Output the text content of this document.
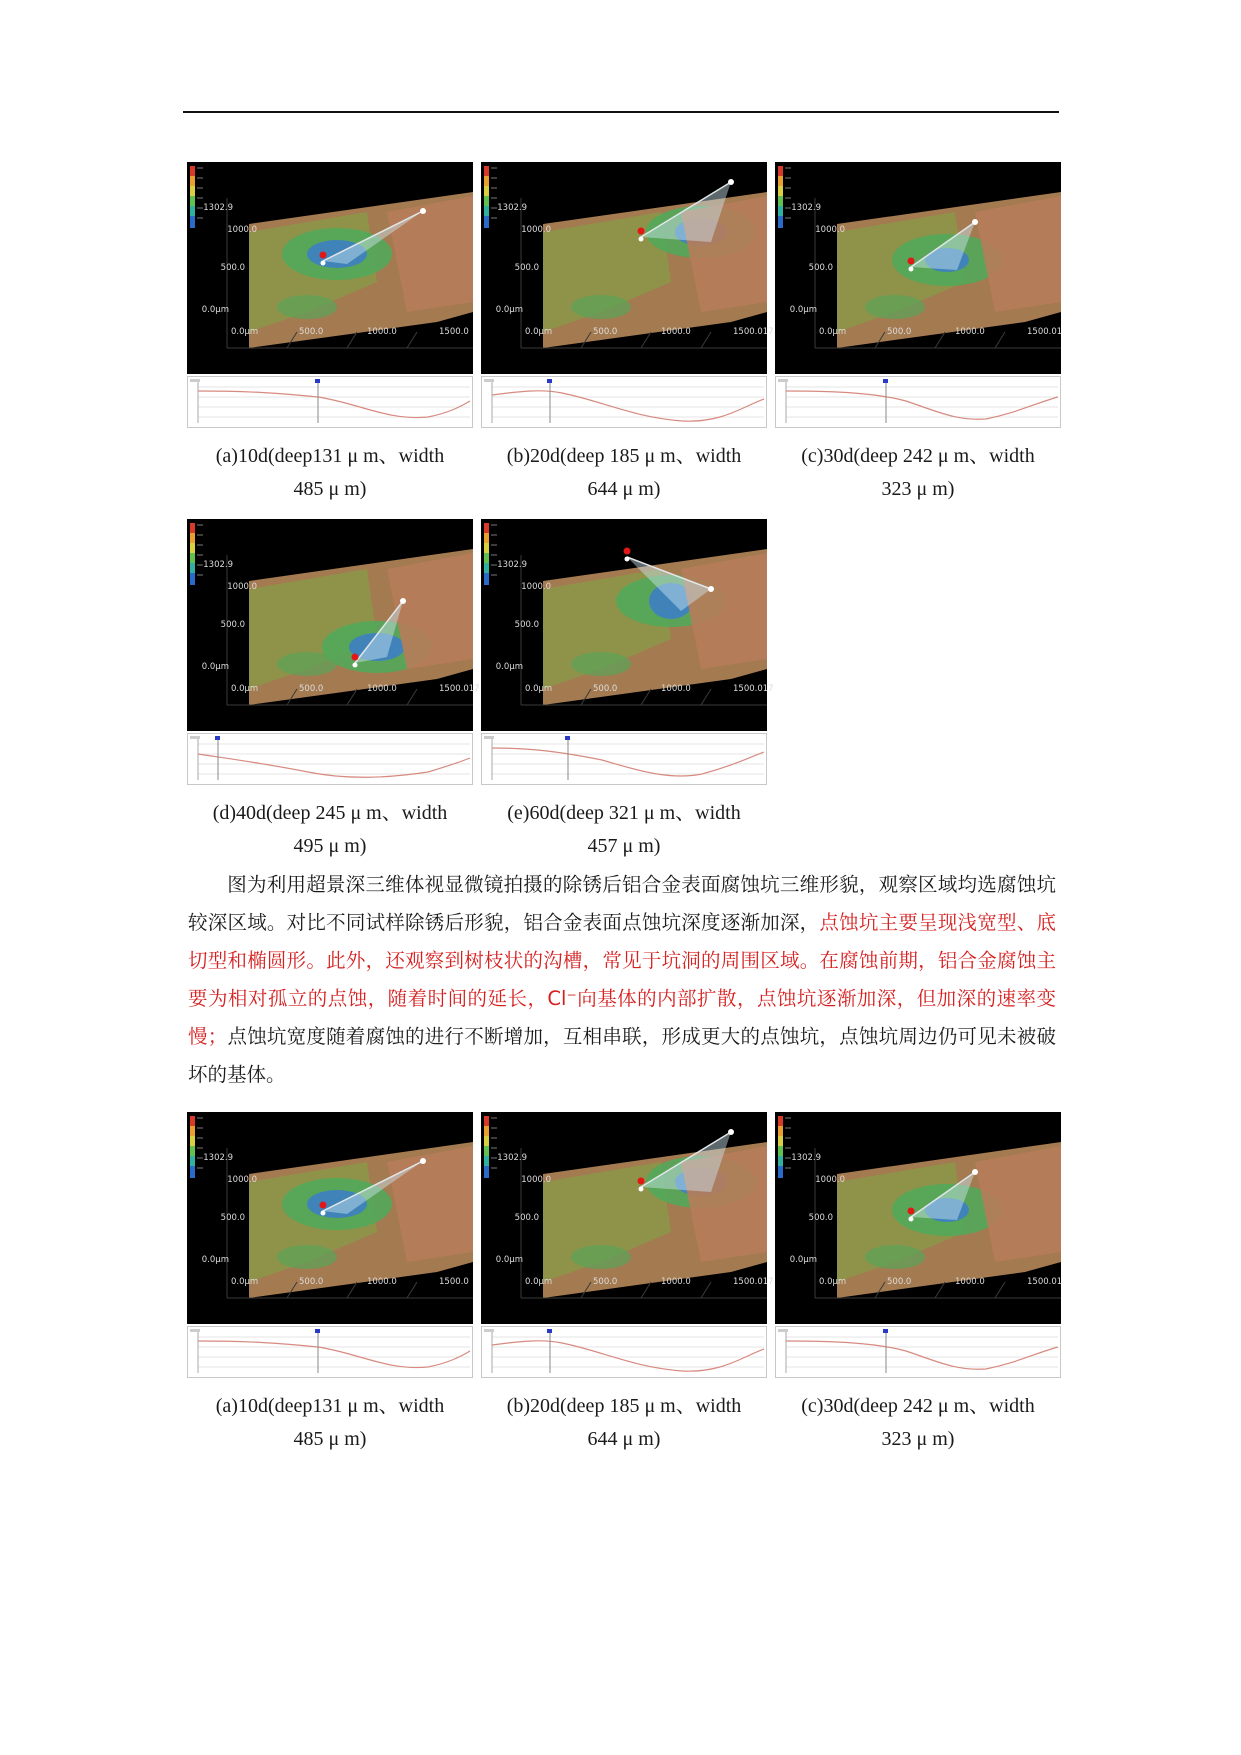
1302.9
1000.0
500.0
0.0μm
0.0μm	500.0	1000.0	1500.0
(a)10d(deep131 μ m、width
485 μ m)
1302.9
1000.0
500.0
0.0μm
0.0μm	500.0	1000.0	1500.017
(b)20d(deep 185 μ m、width
644 μ m)
1302.9
1000.0
500.0
0.0μm
0.0μm	500.0	1000.0	1500.01
(c)30d(deep 242 μ m、width
323 μ m)
1302.9
1000.0
500.0
0.0μm
0.0μm	500.0	1000.0	1500.017
(d)40d(deep 245 μ m、width
495 μ m)
1302.9
1000.0
500.0
0.0μm
0.0μm	500.0	1000.0	1500.017
(e)60d(deep 321 μ m、width
457 μ m)
1302.9
1000.0
500.0
0.0μm
0.0μm	500.0	1000.0	1500.0
(a)10d(deep131 μ m、width
485 μ m)
1302.9
1000.0
500.0
0.0μm
0.0μm	500.0	1000.0	1500.017
(b)20d(deep 185 μ m、width
644 μ m)
1302.9
1000.0
500.0
0.0μm
0.0μm	500.0	1000.0	1500.01
(c)30d(deep 242 μ m、width
323 μ m)
图为利用超景深三维体视显微镜拍摄的除锈后铝合金表面腐蚀坑三维形貌，观察区域均选腐蚀坑较深区域。对比不同试样除锈后形貌，铝合金表面点蚀坑深度逐渐加深，点蚀坑主要呈现浅宽型、底切型和椭圆形。此外，还观察到树枝状的沟槽，常见于坑洞的周围区域。在腐蚀前期，铝合金腐蚀主要为相对孤立的点蚀，随着时间的延长，Cl⁻向基体的内部扩散，点蚀坑逐渐加深，但加深的速率变慢；点蚀坑宽度随着腐蚀的进行不断增加，互相串联，形成更大的点蚀坑，点蚀坑周边仍可见未被破坏的基体。
